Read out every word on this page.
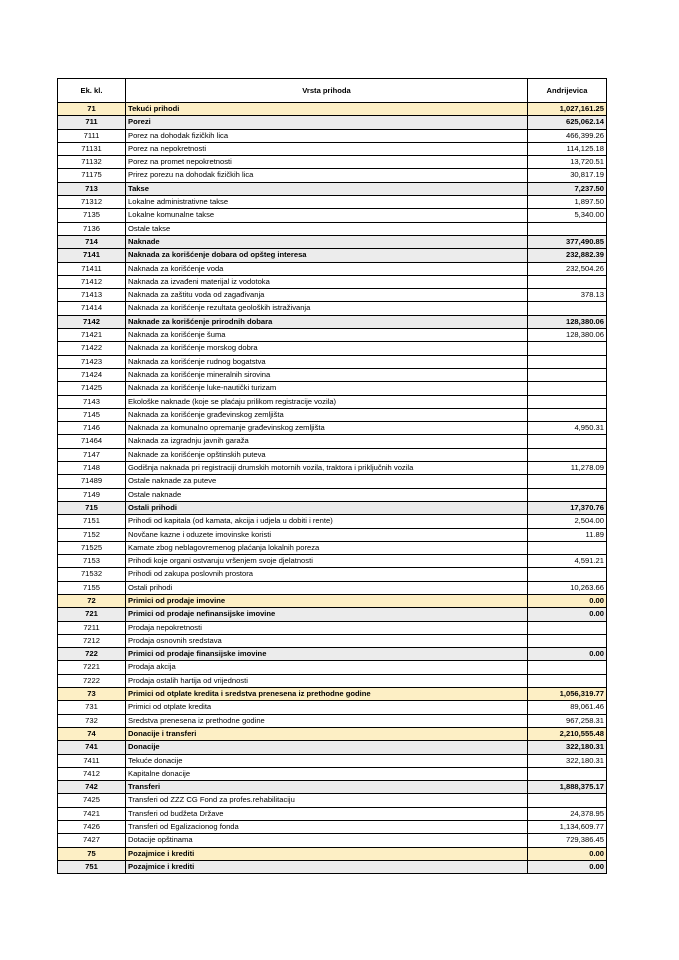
Ek. kl.	Vrsta prihoda	Andrijevica
71	Tekući prihodi	1,027,161.25
711	Porezi	625,062.14
7111	Porez na dohodak fizičkih lica	466,399.26
71131	Porez na nepokretnosti	114,125.18
71132	Porez na promet nepokretnosti	13,720.51
71175	Prirez porezu na dohodak fizičkih lica	30,817.19
713	Takse	7,237.50
71312	Lokalne administrativne takse	1,897.50
7135	Lokalne komunalne takse	5,340.00
7136	Ostale takse	
714	Naknade	377,490.85
7141	Naknada za korišćenje dobara od opšteg interesa	232,882.39
71411	Naknada za korišćenje voda	232,504.26
71412	Naknada za izvađeni materijal iz vodotoka	
71413	Naknada za zaštitu voda od zagađivanja	378.13
71414	Naknada za korišćenje rezultata geoloških istraživanja	
7142	Naknade za korišćenje prirodnih dobara	128,380.06
71421	Naknada za korišćenje šuma	128,380.06
71422	Naknada za korišćenje morskog dobra	
71423	Naknada za korišćenje rudnog bogatstva	
71424	Naknada za korišćenje mineralnih sirovina	
71425	Naknada za korišćenje luke-nautički turizam	
7143	Ekološke naknade (koje se plaćaju prilikom registracije vozila)	
7145	Naknada za korišćenje građevinskog zemljišta	
7146	Naknada za komunalno opremanje građevinskog zemljišta	4,950.31
71464	Naknada za izgradnju javnih garaža	
7147	Naknade za korišćenje opštinskih puteva	
7148	Godišnja naknada pri registraciji drumskih motornih vozila, traktora i priključnih vozila	11,278.09
71489	Ostale naknade za puteve	
7149	Ostale naknade	
715	Ostali prihodi	17,370.76
7151	Prihodi od kapitala (od kamata, akcija i udjela u dobiti i rente)	2,504.00
7152	Novčane kazne i oduzete imovinske koristi	11.89
71525	Kamate zbog neblagovremenog plaćanja lokalnih poreza	
7153	Prihodi koje organi ostvaruju vršenjem svoje djelatnosti	4,591.21
71532	Prihodi od zakupa poslovnih prostora	
7155	Ostali prihodi	10,263.66
72	Primici od prodaje imovine	0.00
721	Primici od prodaje nefinansijske imovine	0.00
7211	Prodaja nepokretnosti	
7212	Prodaja osnovnih sredstava	
722	Primici od prodaje finansijske imovine	0.00
7221	Prodaja akcija	
7222	Prodaja ostalih hartija od vrijednosti	
73	Primici od otplate kredita i sredstva prenesena iz prethodne godine	1,056,319.77
731	Primici od otplate kredita	89,061.46
732	Sredstva prenesena iz prethodne godine	967,258.31
74	Donacije i transferi	2,210,555.48
741	Donacije	322,180.31
7411	Tekuće donacije	322,180.31
7412	Kapitalne donacije	
742	Transferi	1,888,375.17
7425	Transferi od ZZZ CG Fond za profes.rehabilitaciju	
7421	Transferi od budžeta Države	24,378.95
7426	Transferi od Egalizacionog fonda	1,134,609.77
7427	Dotacije opštinama	729,386.45
75	Pozajmice i krediti	0.00
751	Pozajmice i krediti	0.00
